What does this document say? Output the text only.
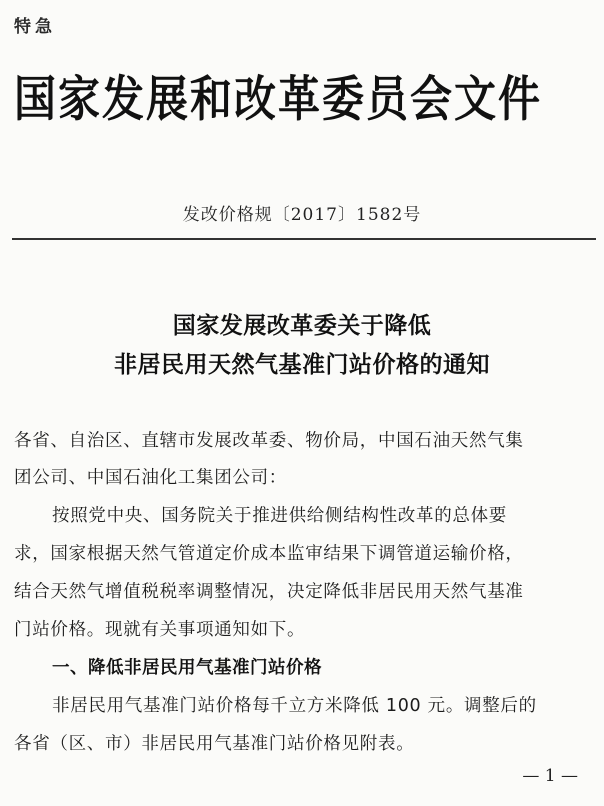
特急
国家发展和改革委员会文件
发改价格规〔2017〕1582号
国家发展改革委关于降低
非居民用天然气基准门站价格的通知
各省、自治区、直辖市发展改革委、物价局，中国石油天然气集
团公司、中国石油化工集团公司：
按照党中央、国务院关于推进供给侧结构性改革的总体要
求，国家根据天然气管道定价成本监审结果下调管道运输价格，
结合天然气增值税税率调整情况，决定降低非居民用天然气基准
门站价格。现就有关事项通知如下。
一、降低非居民用气基准门站价格
非居民用气基准门站价格每千立方米降低 100 元。调整后的
各省（区、市）非居民用气基准门站价格见附表。
— 1 —
